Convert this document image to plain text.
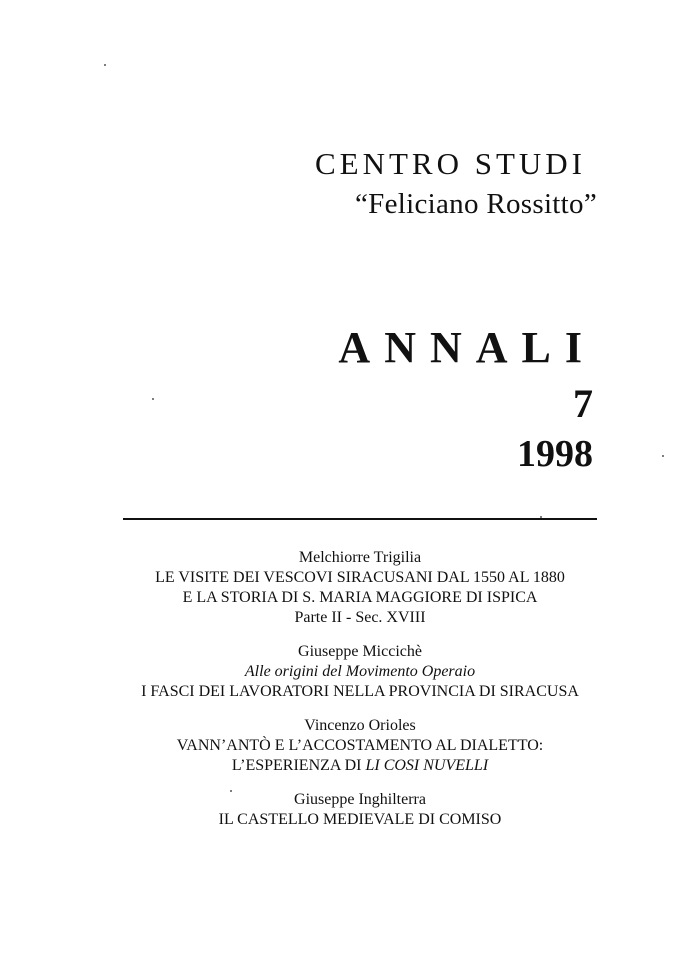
CENTRO STUDI
“Feliciano Rossitto”
ANNALI
7
1998
Melchiorre Trigilia
LE VISITE DEI VESCOVI SIRACUSANI DAL 1550 AL 1880
E LA STORIA DI S. MARIA MAGGIORE DI ISPICA
Parte II - Sec. XVIII
Giuseppe Miccichè
Alle origini del Movimento Operaio
I FASCI DEI LAVORATORI NELLA PROVINCIA DI SIRACUSA
Vincenzo Orioles
VANN’ANTÒ E L’ACCOSTAMENTO AL DIALETTO:
L’ESPERIENZA DI LI COSI NUVELLI
Giuseppe Inghilterra
IL CASTELLO MEDIEVALE DI COMISO
